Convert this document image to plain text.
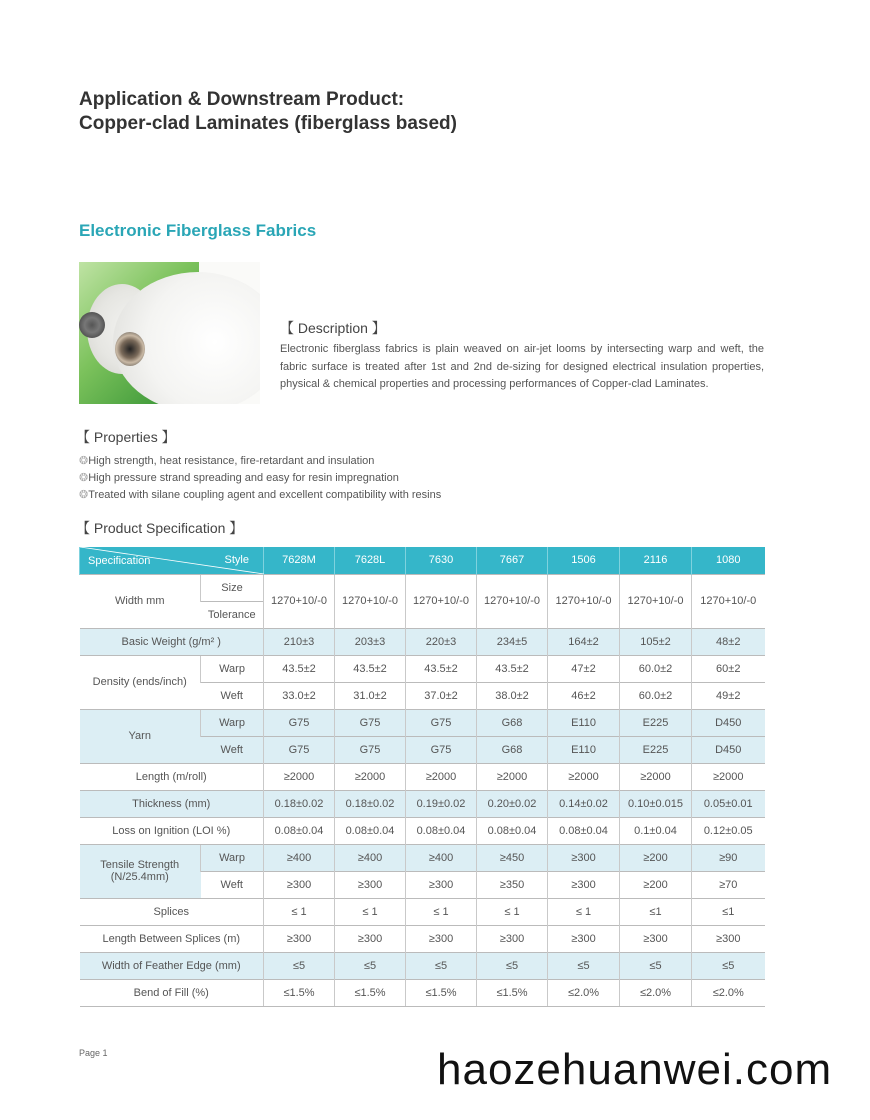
Application & Downstream Product:
Copper-clad Laminates (fiberglass based)
Electronic Fiberglass Fabrics
【 Description 】
Electronic fiberglass fabrics is plain weaved on air-jet looms by intersecting warp and weft, the fabric surface is treated after 1st and 2nd de-sizing for designed electrical insulation properties, physical & chemical properties and processing performances of Copper-clad Laminates.
【 Properties 】
❂High strength, heat resistance, fire-retardant and insulation
❂High pressure strand spreading and easy for resin impregnation
❂Treated with silane coupling agent and excellent compatibility with resins
【 Product Specification 】
Specification Style		7628M	7628L	7630	7667	1506	2116	1080
Width mm	Size	1270+10/-0	1270+10/-0	1270+10/-0	1270+10/-0	1270+10/-0	1270+10/-0	1270+10/-0
	Tolerance							
Basic Weight (g/m² )		210±3	203±3	220±3	234±5	164±2	105±2	48±2
Density (ends/inch)	Warp	43.5±2	43.5±2	43.5±2	43.5±2	47±2	60.0±2	60±2
	Weft	33.0±2	31.0±2	37.0±2	38.0±2	46±2	60.0±2	49±2
Yarn	Warp	G75	G75	G75	G68	E110	E225	D450
	Weft	G75	G75	G75	G68	E110	E225	D450
Length (m/roll)		≥2000	≥2000	≥2000	≥2000	≥2000	≥2000	≥2000
Thickness (mm)		0.18±0.02	0.18±0.02	0.19±0.02	0.20±0.02	0.14±0.02	0.10±0.015	0.05±0.01
Loss on Ignition (LOI %)		0.08±0.04	0.08±0.04	0.08±0.04	0.08±0.04	0.08±0.04	0.1±0.04	0.12±0.05

Tensile Strength
(N/25.4mm)	Warp	≥400	≥400	≥400	≥450	≥300	≥200	≥90
	Weft	≥300	≥300	≥300	≥350	≥300	≥200	≥70
Splices		≤ 1	≤ 1	≤ 1	≤ 1	≤ 1	≤1	≤1
Length Between Splices (m)		≥300	≥300	≥300	≥300	≥300	≥300	≥300
Width of Feather Edge (mm)		≤5	≤5	≤5	≤5	≤5	≤5	≤5
Bend of Fill (%)		≤1.5%	≤1.5%	≤1.5%	≤1.5%	≤2.0%	≤2.0%	≤2.0%
Page 1	haozehuanwei.com
